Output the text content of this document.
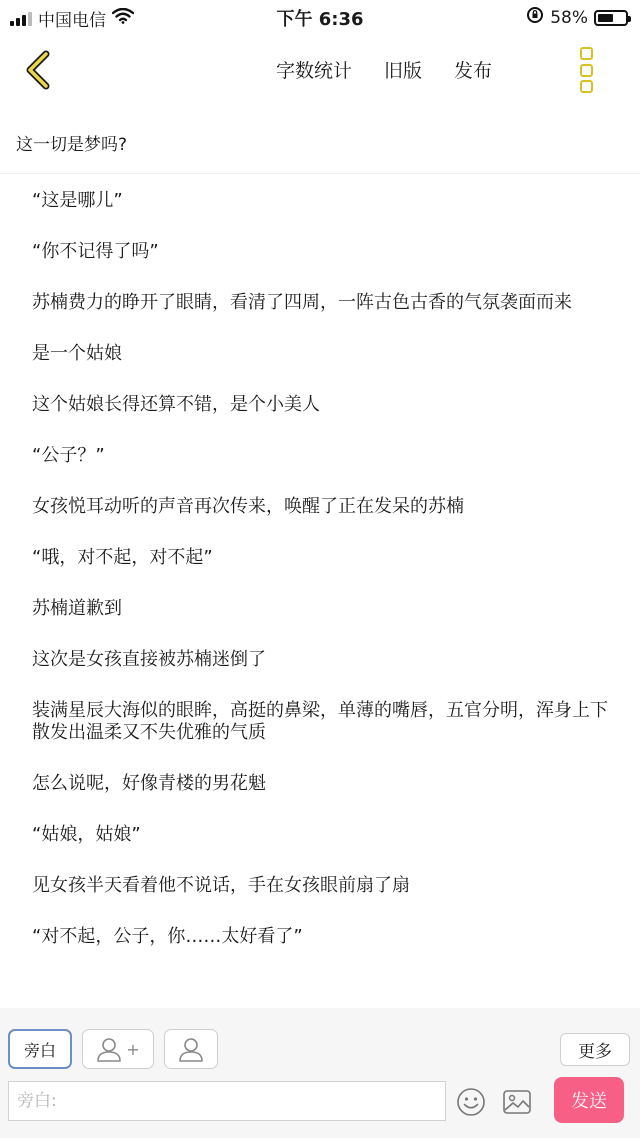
中国电信	下午 6:36	58%
字数统计 旧版 发布
这一切是梦吗?
“这是哪儿”
“你不记得了吗”
苏楠费力的睁开了眼睛，看清了四周，一阵古色古香的气氛袭面而来
是一个姑娘
这个姑娘长得还算不错，是个小美人
“公子？”
女孩悦耳动听的声音再次传来，唤醒了正在发呆的苏楠
“哦，对不起，对不起”
苏楠道歉到
这次是女孩直接被苏楠迷倒了
装满星辰大海似的眼眸，高挺的鼻梁，单薄的嘴唇，五官分明，浑身上下散发出温柔又不失优雅的气质
怎么说呢，好像青楼的男花魁
“姑娘，姑娘”
见女孩半天看着他不说话，手在女孩眼前扇了扇
“对不起，公子，你……太好看了”
旁白	+	更多
旁白:
发送
